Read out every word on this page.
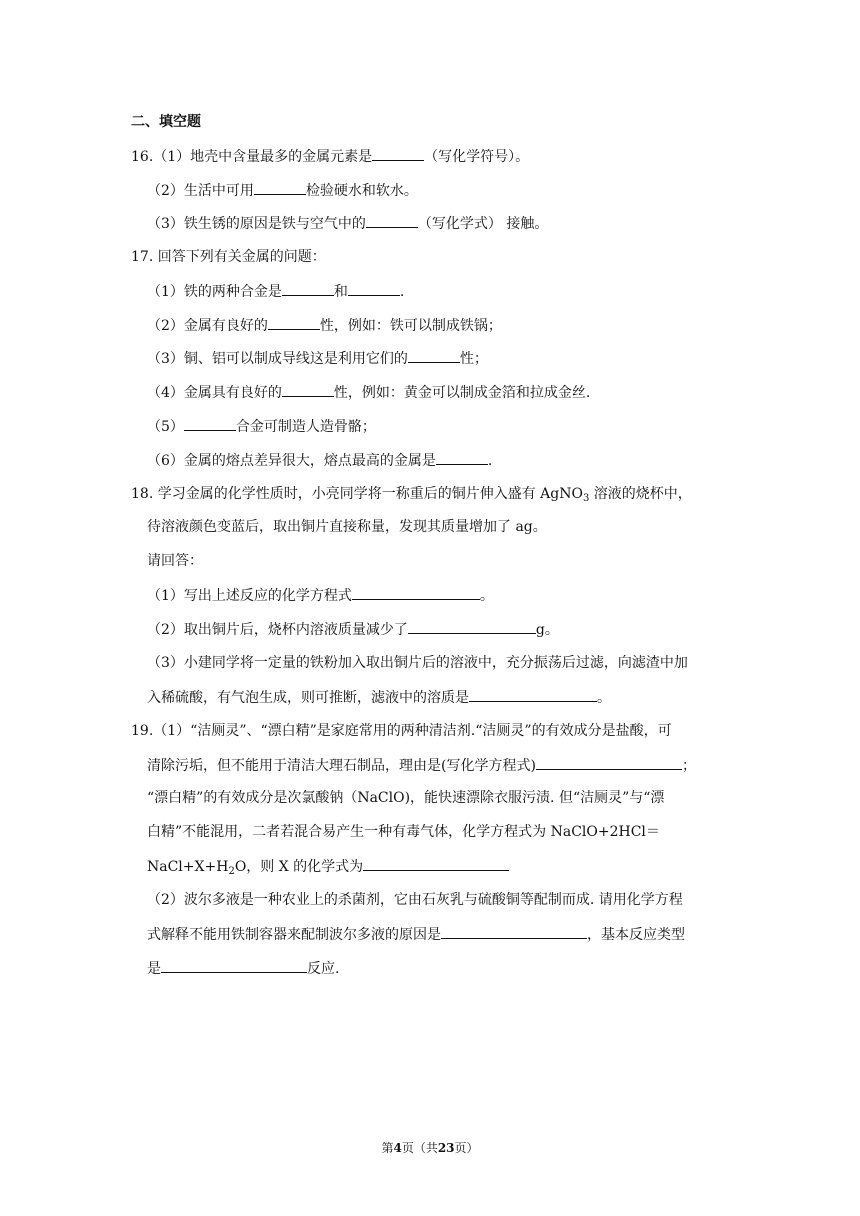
二、填空题
16.（1）地壳中含量最多的金属元素是	（写化学符号）。
（2）生活中可用	检验硬水和软水。
（3）铁生锈的原因是铁与空气中的	（写化学式） 接触。
17. 回答下列有关金属的问题：
（1）铁的两种合金是	和	.
（2）金属有良好的	性，例如：铁可以制成铁锅；
（3）铜、铝可以制成导线这是利用它们的	性；
（4）金属具有良好的	性，例如：黄金可以制成金箔和拉成金丝.
（5）	合金可制造人造骨骼；
（6）金属的熔点差异很大，熔点最高的金属是	.
18. 学习金属的化学性质时，小亮同学将一称重后的铜片伸入盛有 AgNO$_3$ 溶液的烧杯中，
待溶液颜色变蓝后，取出铜片直接称量，发现其质量增加了 ag。
请回答：
（1）写出上述反应的化学方程式	。
（2）取出铜片后，烧杯内溶液质量减少了	g。
（3）小建同学将一定量的铁粉加入取出铜片后的溶液中，充分振荡后过滤，向滤渣中加
入稀硫酸，有气泡生成，则可推断，滤液中的溶质是	。
19.（1）“洁厕灵”、“漂白精”是家庭常用的两种清洁剂.“洁厕灵”的有效成分是盐酸，可
清除污垢，但不能用于清洁大理石制品，理由是(写化学方程式)	；
“漂白精”的有效成分是次氯酸钠（NaClO)，能快速漂除衣服污渍. 但“洁厕灵”与“漂
白精”不能混用，二者若混合易产生一种有毒气体，化学方程式为 NaClO+2HCl＝
$NaCl+X+H_2O$，则 X 的化学式为
（2）波尔多液是一种农业上的杀菌剂，它由石灰乳与硫酸铜等配制而成. 请用化学方程
式解释不能用铁制容器来配制波尔多液的原因是	，基本反应类型
是	反应.
第4页（共23页）
